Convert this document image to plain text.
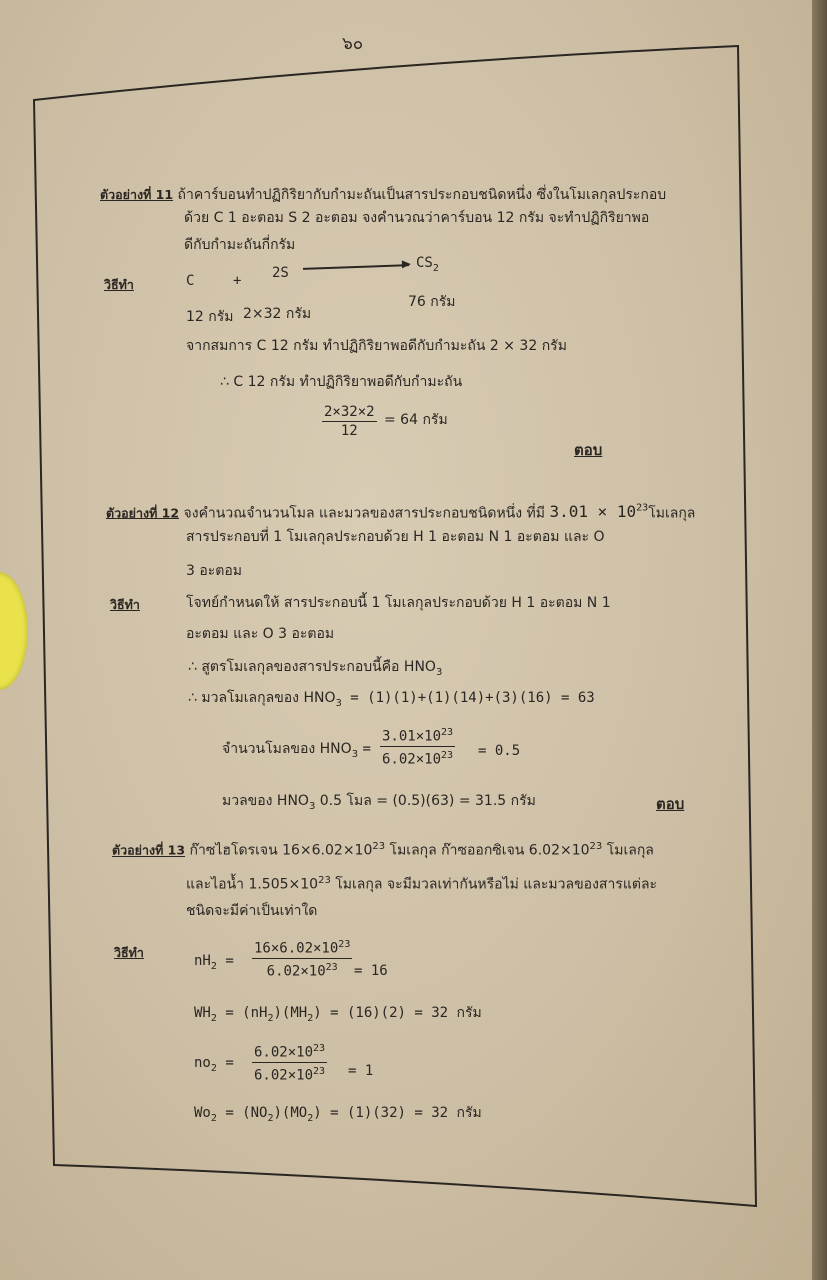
๖๐
ตัวอย่างที่ 11 ถ้าคาร์บอนทำปฏิกิริยากับกำมะถันเป็นสารประกอบชนิดหนึ่ง ซึ่งในโมเลกุลประกอบ
ด้วย C 1 อะตอม S 2 อะตอม จงคำนวณว่าคาร์บอน 12 กรัม จะทำปฏิกิริยาพอ
ดีกับกำมะถันกี่กรัม
วิธีทำ	C	+ 2S
$CS_2$
12 กรัม 2×32 กรัม
76 กรัม
จากสมการ C 12 กรัม ทำปฏิกิริยาพอดีกับกำมะถัน 2 × 32 กรัม
∴ C 12 กรัม ทำปฏิกิริยาพอดีกับกำมะถัน
$\frac{2\times 32\times 2}{12} = 64$ กรัม
ตอบ
ตัวอย่างที่ 12 จงคำนวณจำนวนโมล และมวลของสารประกอบชนิดหนึ่ง ที่มี $3.01 \times 10^{23}$โมเลกุล
สารประกอบที่ 1 โมเลกุลประกอบด้วย H 1 อะตอม N 1 อะตอม และ O
3 อะตอม
วิธีทำ	โจทย์กำหนดให้ สารประกอบนี้ 1 โมเลกุลประกอบด้วย H 1 อะตอม N 1
อะตอม และ O 3 อะตอม
∴ สูตรโมเลกุลของสารประกอบนี้คือ $HNO_3$
∴ มวลโมเลกุลของ $HNO_3 = (1)(1)+(1)(14)+(3)(16) = 63$
จำนวนโมลของ $HNO_3 = \frac{3.01\times 10^{23}}{6.02\times 10^{23}} = 0.5$
มวลของ $HNO_3$ 0.5 โมล = (0.5)(63) = 31.5 กรัม	ตอบ
ตัวอย่างที่ 13 ก๊าซไฮโดรเจน $16\times 6.02\times 10^{23}$ โมเลกุล ก๊าซออกซิเจน $6.02\times 10^{23}$ โมเลกุล
และไอน้ำ $1.505\times 10^{23}$ โมเลกุล จะมีมวลเท่ากันหรือไม่ และมวลของสารแต่ละ
ชนิดจะมีค่าเป็นเท่าใด
วิธีทำ
$nH_2 = \frac{16\times 6.02\times 10^{23}}{6.02\times 10^{23}} = 16$
$WH_2 = (nH_2)(MH_2) = (16)(2) = 32$ กรัม
$no_2 = \frac{6.02\times 10^{23}}{6.02\times 10^{23}} = 1$
$Wo_2 = (NO_2)(MO_2) = (1)(32) = 32$ กรัม
